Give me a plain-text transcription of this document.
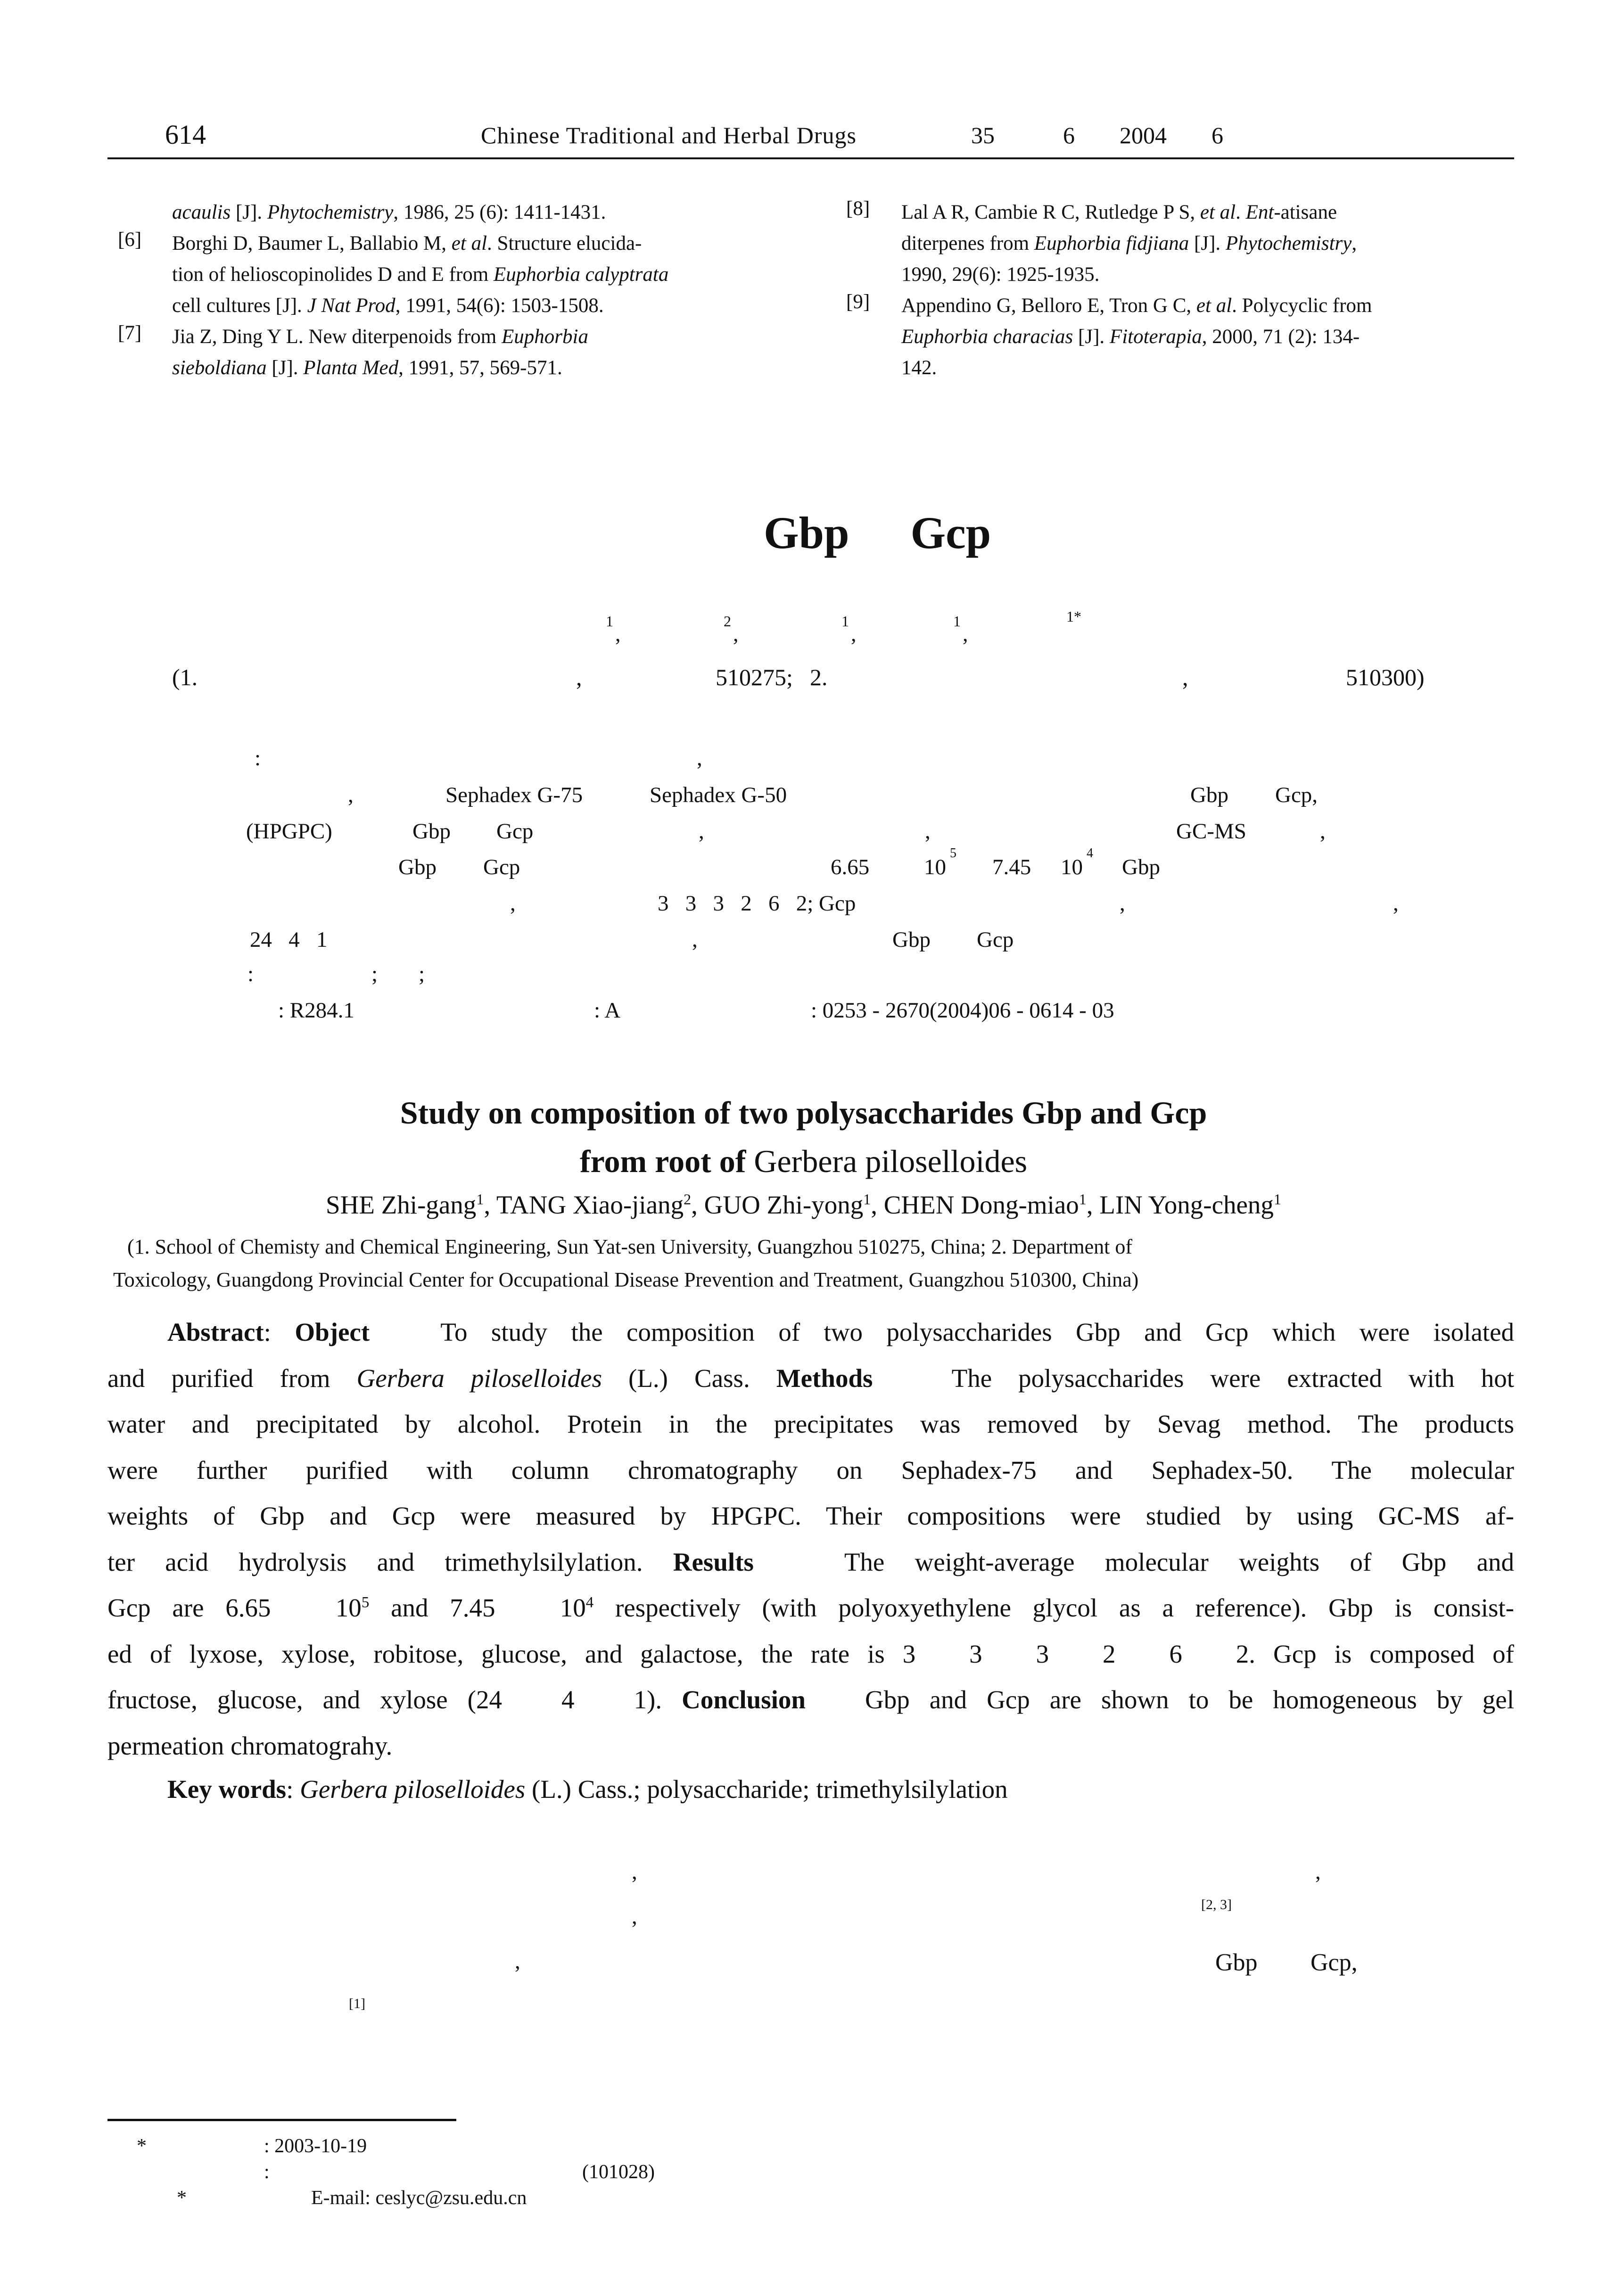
614	Chinese Traditional and Herbal Drugs	35	6 2004 6
acaulis [J]. Phytochemistry, 1986, 25 (6): 1411-1431.
[6] Borghi D, Baumer L, Ballabio M, et al. Structure elucida-
tion of helioscopinolides D and E from Euphorbia calyptrata
cell cultures [J]. J Nat Prod, 1991, 54(6): 1503-1508.
[7] Jia Z, Ding Y L. New diterpenoids from Euphorbia
sieboldiana [J]. Planta Med, 1991, 57, 569-571.
[8] Lal A R, Cambie R C, Rutledge P S, et al. Ent-atisane
diterpenes from Euphorbia fidjiana [J]. Phytochemistry,
1990, 29(6): 1925-1935.
[9] Appendino G, Belloro E, Tron G C, et al. Polycyclic from
Euphorbia characias [J]. Fitoterapia, 2000, 71 (2): 134-
142.
Gbp Gcp
1
,
2
,
1
,
1
,
1*
(1.	,	510275; 2.	,	510300)
:	,
,	Sephadex G-75	Sephadex G-50	Gbp Gcp,
(HPGPC)	Gbp Gcp	,	,	GC-MS	,
Gbp Gcp	6.65 10
5
7.45 10
4
Gbp
,	3   3   3   2   6   2; Gcp	,	,
24   4   1	,	Gbp Gcp
:	; ;
: R284.1	: A	: 0253 - 2670(2004)06 - 0614 - 03
Study on composition of two polysaccharides Gbp and Gcp
from root of Gerbera piloselloides
SHE Zhi-gang$^1$, TANG Xiao-jiang$^2$, GUO Zhi-yong$^1$, CHEN Dong-miao$^1$, LIN Yong-cheng$^1$
(1. School of Chemisty and Chemical Engineering, Sun Yat-sen University, Guangzhou 510275, China; 2. Department of
Toxicology, Guangdong Provincial Center for Occupational Disease Prevention and Treatment, Guangzhou 510300, China)
Abstract: Object   To study the composition of two polysaccharides Gbp and Gcp which were isolated
and purified from Gerbera piloselloides (L.) Cass. Methods   The polysaccharides were extracted with hot
water and precipitated by alcohol. Protein in the precipitates was removed by Sevag method. The products
were further purified with column chromatography on Sephadex-75 and Sephadex-50. The molecular
weights of Gbp and Gcp were measured by HPGPC. Their compositions were studied by using GC-MS af-
ter acid hydrolysis and trimethylsilylation. Results   The weight-average molecular weights of Gbp and
Gcp are 6.65   $10^5$ and 7.45   $10^4$ respectively (with polyoxyethylene glycol as a reference). Gbp is consist-
ed of lyxose, xylose, robitose, glucose, and galactose, the rate is 3   3   3   2   6   2. Gcp is composed of
fructose, glucose, and xylose (24   4   1). Conclusion   Gbp and Gcp are shown to be homogeneous by gel
permeation chromatograhy.
Key words: Gerbera piloselloides (L.) Cass.; polysaccharide; trimethylsilylation
,	,
[2, 3]
,
,	Gbp Gcp,
[1]
*	: 2003-10-19
:	(101028)
*	E-mail: ceslyc@zsu.edu.cn
